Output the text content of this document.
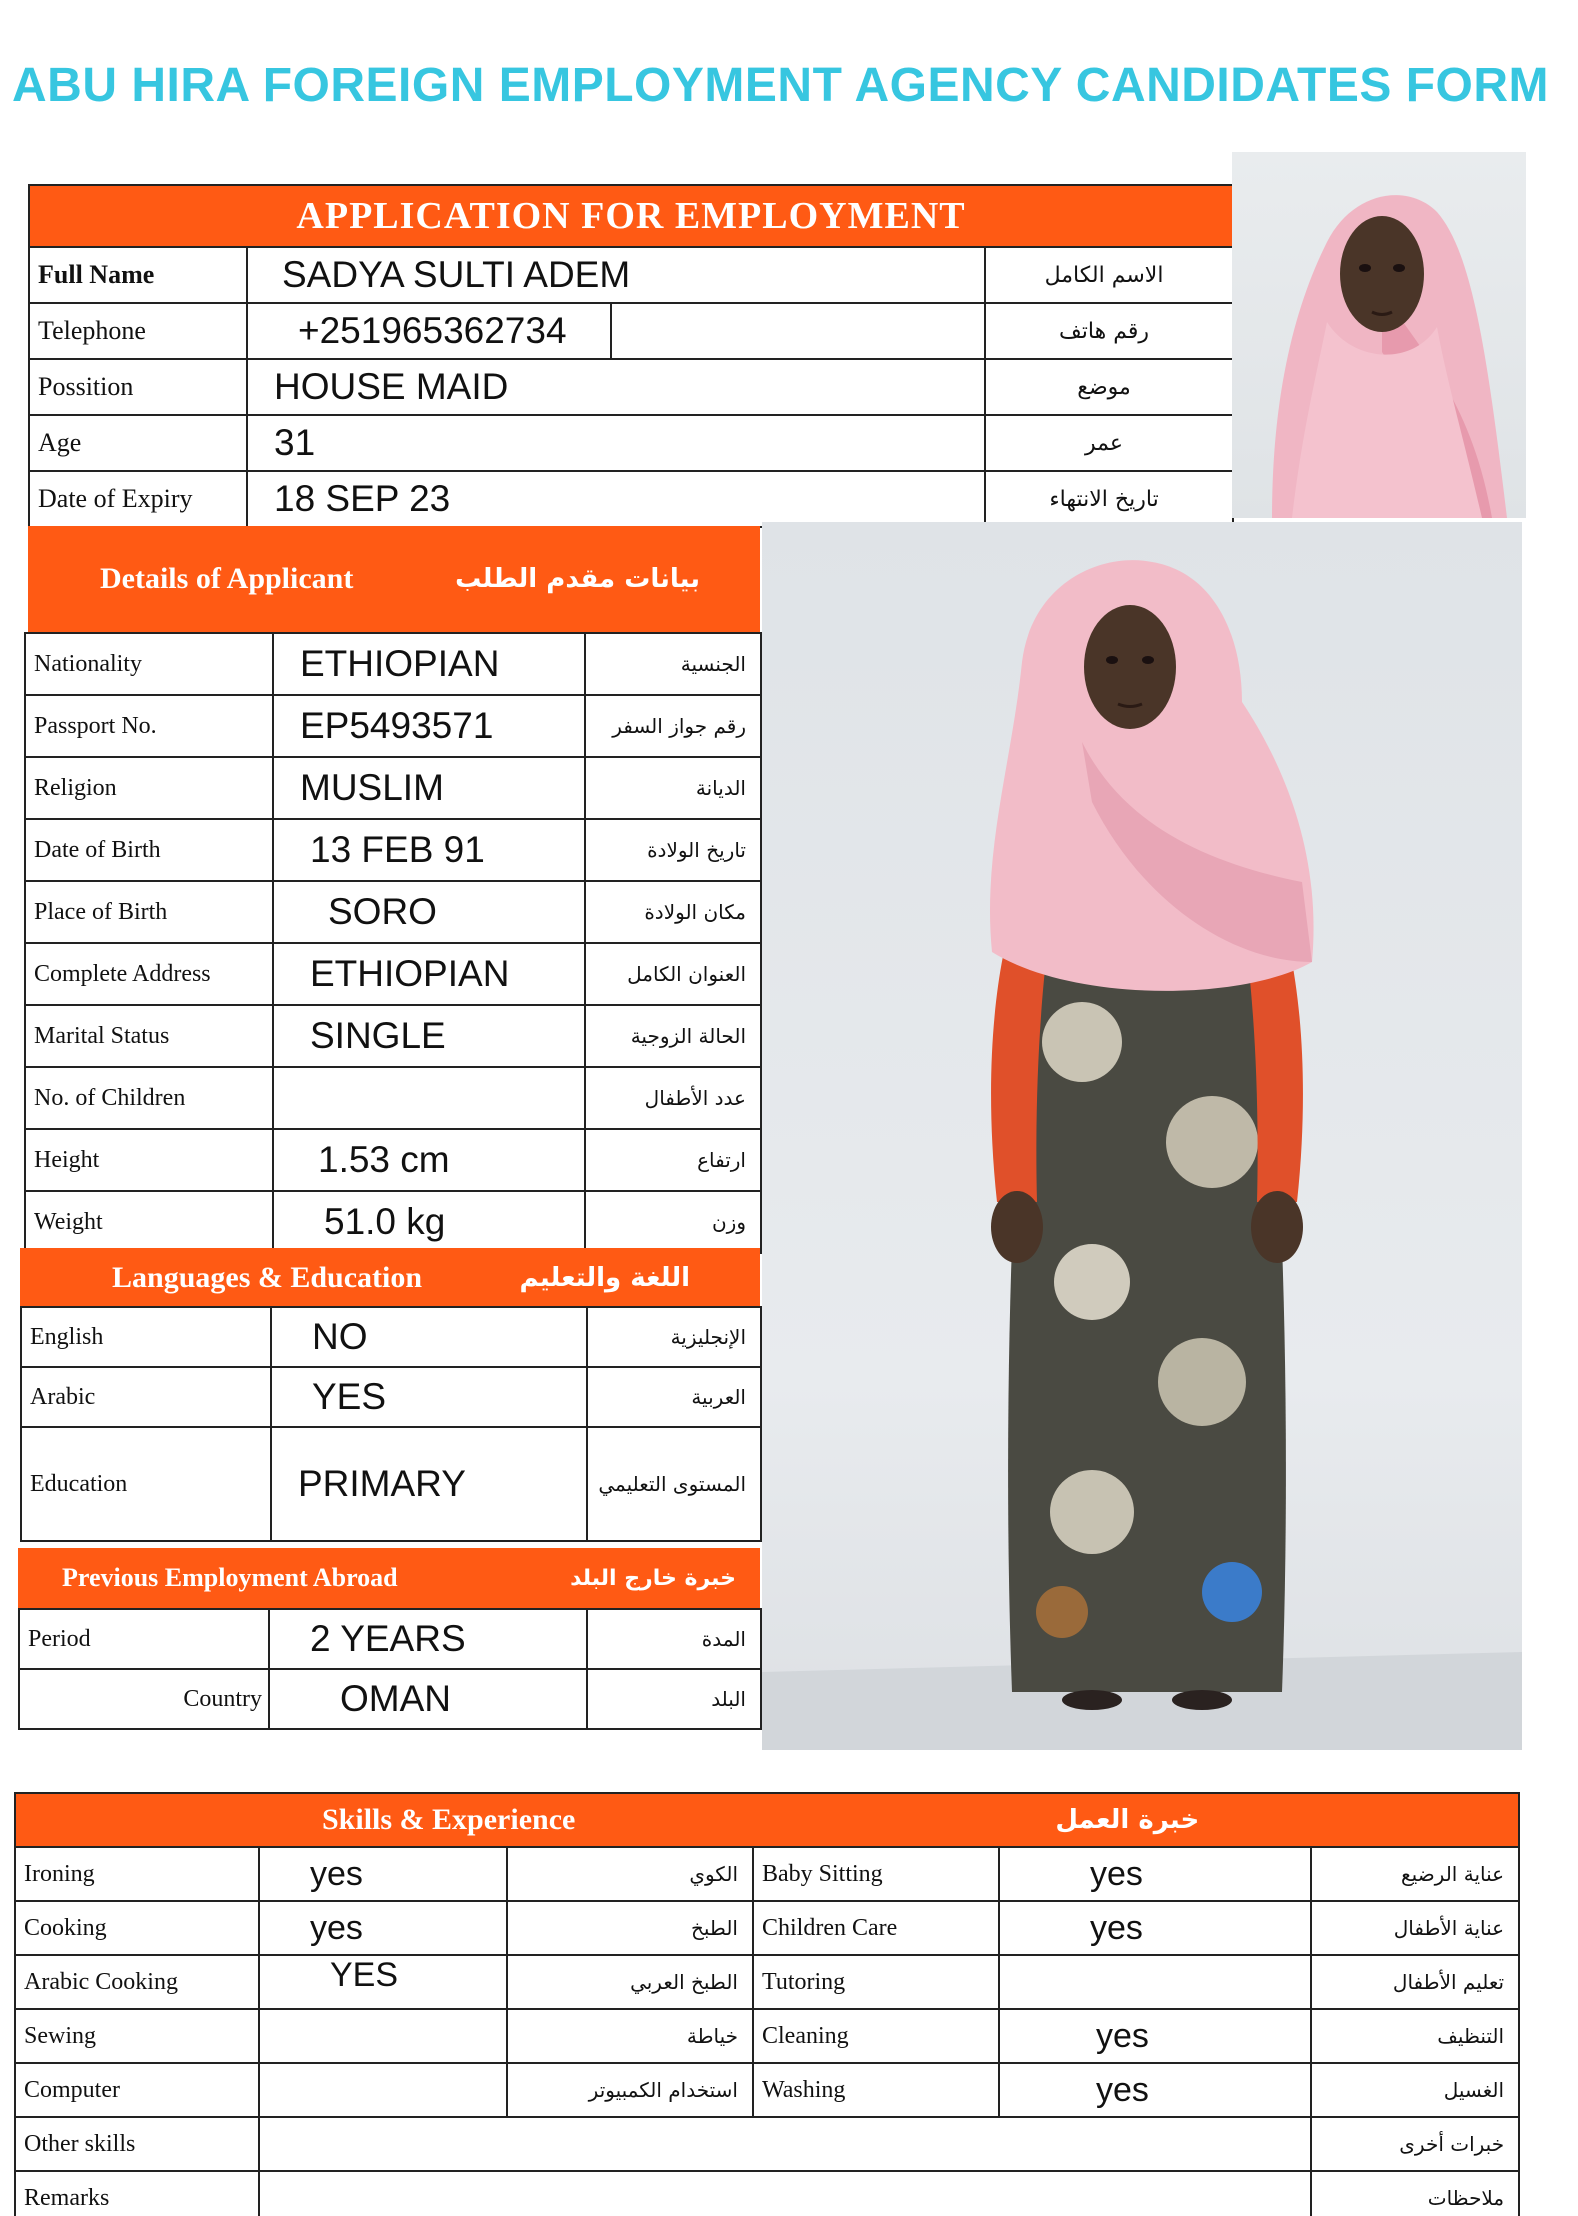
ABU HIRA FOREIGN EMPLOYMENT AGENCY CANDIDATES FORM
APPLICATION FOR EMPLOYMENT		
Full Name	SADYA SULTI ADEM	الاسم الكامل
Telephone	+251965362734	رقم هاتف
Possition	HOUSE MAID	موضع
Age	31	عمر
Date of Expiry	18 SEP 23	تاريخ الانتهاء
Details of Applicant	بيانات مقدم الطلب
Nationality	ETHIOPIAN	الجنسية
Passport No.	EP5493571	رقم جواز السفر
Religion	MUSLIM	الديانة
Date of Birth	13 FEB 91	تاريخ الولادة
Place of Birth	SORO	مكان الولادة
Complete Address	ETHIOPIAN	العنوان الكامل
Marital Status	SINGLE	الحالة الزوجية
No. of Children		عدد الأطفال
Height	1.53 cm	ارتفاع
Weight	51.0 kg	وزن
Languages & Education	اللغة والتعليم
English	NO	الإنجليزية
Arabic	YES	العربية
Education	PRIMARY	المستوى التعليمي
Previous Employment Abroad	خبرة خارج البلد
Period	2 YEARS	المدة
Country	OMAN	البلد
Skills & Experience خبرة العمل					

Ironing	yes	الكوي	Baby Sitting	yes	عناية الرضيع
Cooking	yes	الطبخ	Children Care	yes	عناية الأطفال
Arabic Cooking	YES	الطبخ العربي	Tutoring		تعليم الأطفال
Sewing		خياطة	Cleaning	yes	التنظيف
Computer		استخدام الكمبيوتر	Washing	yes	الغسيل
Other skills					خبرات أخرى
Remarks					ملاحظات
